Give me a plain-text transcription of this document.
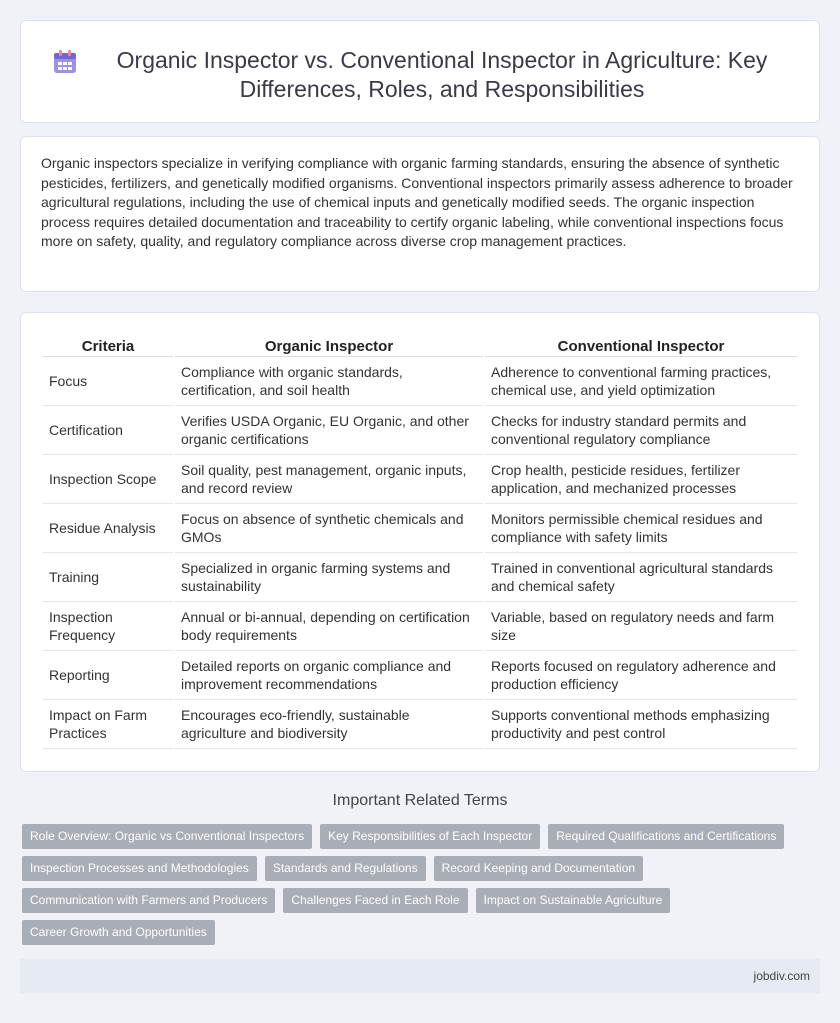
Organic Inspector vs. Conventional Inspector in Agriculture: Key Differences, Roles, and Responsibilities

Organic inspectors specialize in verifying compliance with organic farming standards, ensuring the absence of synthetic pesticides, fertilizers, and genetically modified organisms. Conventional inspectors primarily assess adherence to broader agricultural regulations, including the use of chemical inputs and genetically modified seeds. The organic inspection process requires detailed documentation and traceability to certify organic labeling, while conventional inspections focus more on safety, quality, and regulatory compliance across diverse crop management practices.

Criteria	Organic Inspector	Conventional Inspector
Focus	Compliance with organic standards, certification, and soil health	Adherence to conventional farming practices, chemical use, and yield optimization
Certification	Verifies USDA Organic, EU Organic, and other organic certifications	Checks for industry standard permits and conventional regulatory compliance
Inspection Scope	Soil quality, pest management, organic inputs, and record review	Crop health, pesticide residues, fertilizer application, and mechanized processes
Residue Analysis	Focus on absence of synthetic chemicals and GMOs	Monitors permissible chemical residues and compliance with safety limits
Training	Specialized in organic farming systems and sustainability	Trained in conventional agricultural standards and chemical safety
Inspection Frequency	Annual or bi-annual, depending on certification body requirements	Variable, based on regulatory needs and farm size
Reporting	Detailed reports on organic compliance and improvement recommendations	Reports focused on regulatory adherence and production efficiency
Impact on Farm Practices	Encourages eco-friendly, sustainable agriculture and biodiversity	Supports conventional methods emphasizing productivity and pest control
Important Related Terms
Role Overview: Organic vs Conventional Inspectors	Key Responsibilities of Each Inspector	Required Qualifications and Certifications
Inspection Processes and Methodologies	Standards and Regulations	Record Keeping and Documentation
Communication with Farmers and Producers	Challenges Faced in Each Role	Impact on Sustainable Agriculture
Career Growth and Opportunities
jobdiv.com
